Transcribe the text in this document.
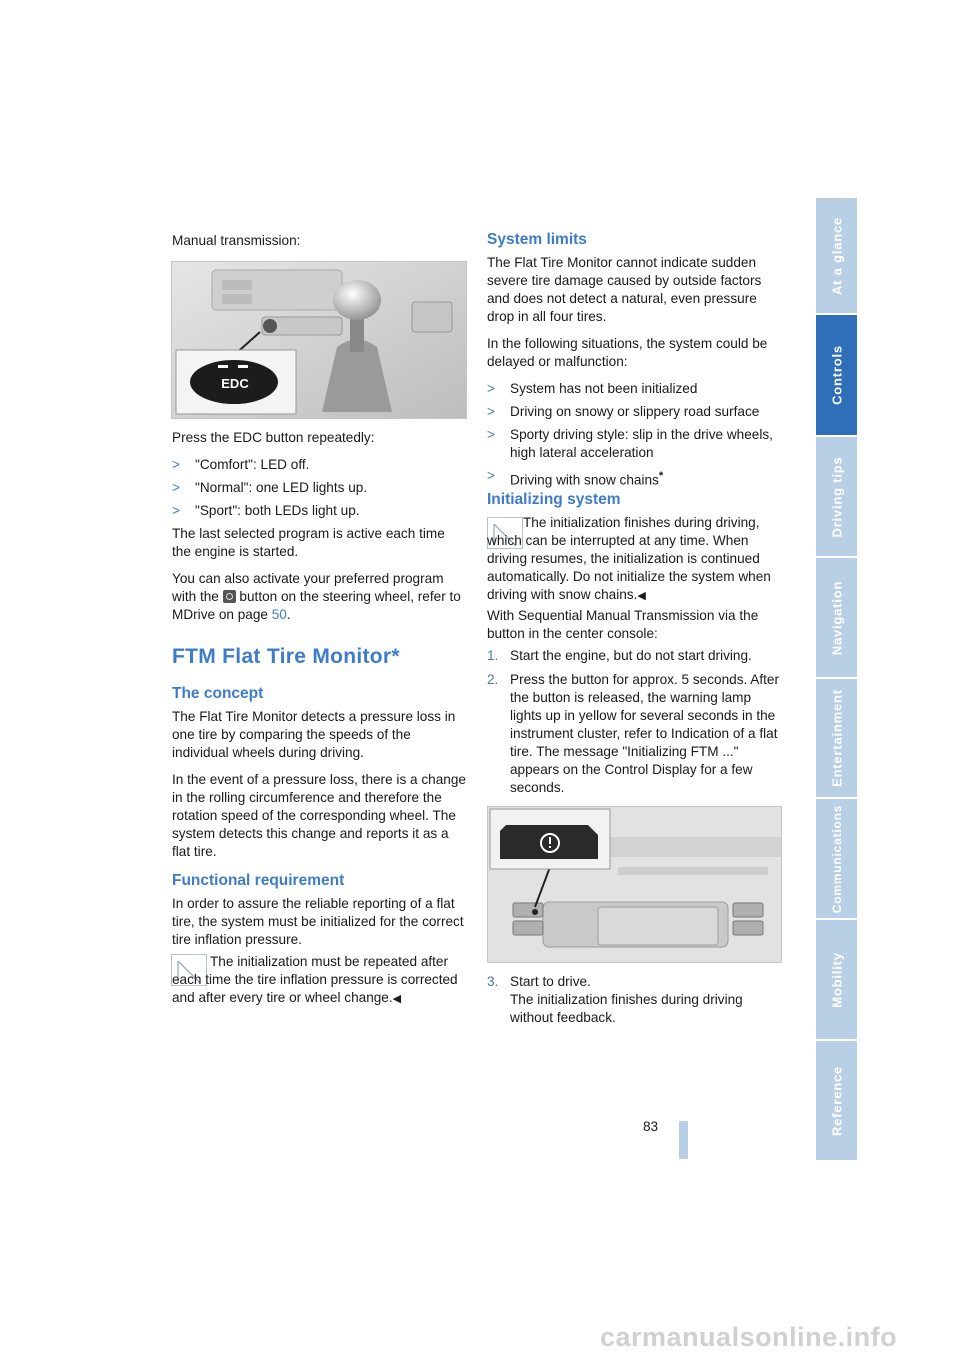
Manual transmission:
EDC

Press the EDC button repeatedly:

> "Comfort": LED off.
> "Normal": one LED lights up.
> "Sport": both LEDs light up.

The last selected program is active each time the engine is started.

You can also activate your preferred program with the button on the steering wheel, refer to MDrive on page 50.

FTM Flat Tire Monitor*
The concept

The Flat Tire Monitor detects a pressure loss in one tire by comparing the speeds of the individual wheels during driving.

In the event of a pressure loss, there is a change in the rolling circumference and therefore the rotation speed of the corresponding wheel. The system detects this change and reports it as a flat tire.

Functional requirement
In order to assure the reliable reporting of a flat tire, the system must be initialized for the correct tire inflation pressure.
The initialization must be repeated after each time the tire inflation pressure is corrected and after every tire or wheel change.◀
System limits

The Flat Tire Monitor cannot indicate sudden severe tire damage caused by outside factors and does not detect a natural, even pressure drop in all four tires.

In the following situations, the system could be delayed or malfunction:

> System has not been initialized
> Driving on snowy or slippery road surface
> Sporty driving style: slip in the drive wheels, high lateral acceleration
> Driving with snow chains*
Initializing system
The initialization finishes during driving, which can be interrupted at any time. When driving resumes, the initialization is continued automatically. Do not initialize the system when driving with snow chains.◀
With Sequential Manual Transmission via the button in the center console:
1. Start the engine, but do not start driving.
2. Press the button for approx. 5 seconds. After the button is released, the warning lamp lights up in yellow for several seconds in the instrument cluster, refer to Indication of a flat tire. The message "Initializing FTM ..." appears on the Control Display for a few seconds.
3. Start to drive.
The initialization finishes during driving without feedback.
83
At a glance
Controls
Driving tips
Navigation
Entertainment
Communications
Mobility
Reference
carmanualsonline.info
